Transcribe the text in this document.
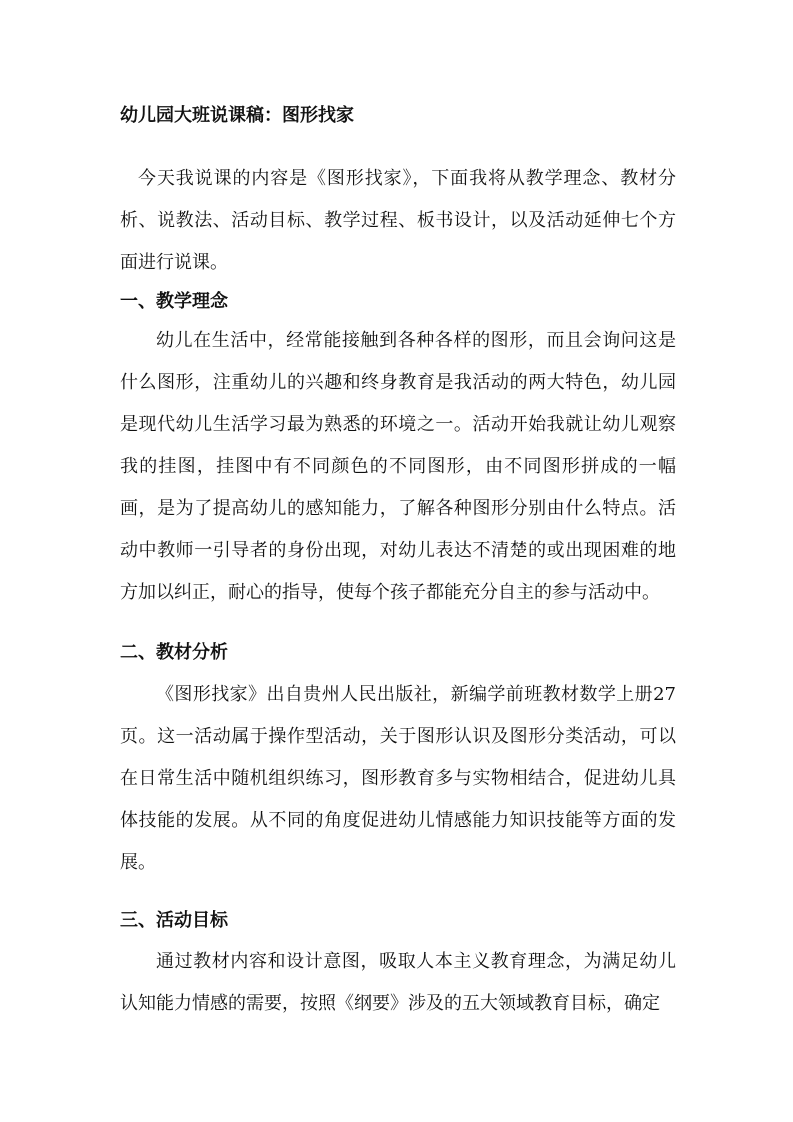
幼儿园大班说课稿：图形找家
今天我说课的内容是《图形找家》，下面我将从教学理念、教材分析、说教法、活动目标、教学过程、板书设计，以及活动延伸七个方面进行说课。
一、教学理念
幼儿在生活中，经常能接触到各种各样的图形，而且会询问这是什么图形，注重幼儿的兴趣和终身教育是我活动的两大特色，幼儿园是现代幼儿生活学习最为熟悉的环境之一。活动开始我就让幼儿观察我的挂图，挂图中有不同颜色的不同图形，由不同图形拼成的一幅画，是为了提高幼儿的感知能力，了解各种图形分别由什么特点。活动中教师一引导者的身份出现，对幼儿表达不清楚的或出现困难的地方加以纠正，耐心的指导，使每个孩子都能充分自主的参与活动中。
二、教材分析
《图形找家》出自贵州人民出版社，新编学前班教材数学上册27页。这一活动属于操作型活动，关于图形认识及图形分类活动，可以在日常生活中随机组织练习，图形教育多与实物相结合，促进幼儿具体技能的发展。从不同的角度促进幼儿情感能力知识技能等方面的发展。
三、活动目标
通过教材内容和设计意图，吸取人本主义教育理念，为满足幼儿认知能力情感的需要，按照《纲要》涉及的五大领域教育目标，确定
